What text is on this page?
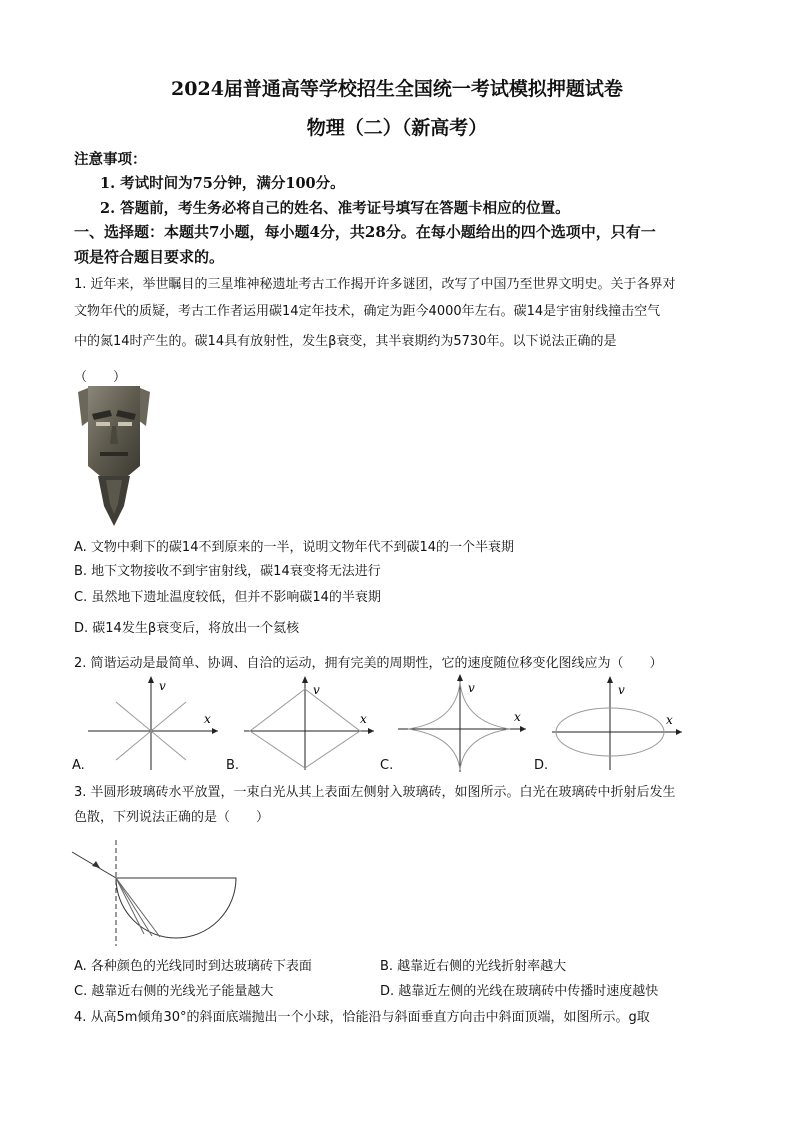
2024届普通高等学校招生全国统一考试模拟押题试卷
物理（二）（新高考）
注意事项：
1. 考试时间为75分钟，满分100分。
2. 答题前，考生务必将自己的姓名、准考证号填写在答题卡相应的位置。
一、选择题：本题共7小题，每小题4分，共28分。在每小题给出的四个选项中，只有一
项是符合题目要求的。
1. 近年来，举世瞩目的三星堆神秘遗址考古工作揭开许多谜团，改写了中国乃至世界文明史。关于各界对
文物年代的质疑，考古工作者运用碳14定年技术，确定为距今4000年左右。碳14是宇宙射线撞击空气
中的氮14时产生的。碳14具有放射性，发生β衰变，其半衰期约为5730年。以下说法正确的是
（　　）
A. 文物中剩下的碳14不到原来的一半，说明文物年代不到碳14的一个半衰期
B. 地下文物接收不到宇宙射线，碳14衰变将无法进行
C. 虽然地下遗址温度较低，但并不影响碳14的半衰期
D. 碳14发生β衰变后，将放出一个氦核
2. 简谐运动是最简单、协调、自洽的运动，拥有完美的周期性，它的速度随位移变化图线应为（　　）
v
x
A.
v
x
B.
v
x
C.
v
x
D.
3. 半圆形玻璃砖水平放置，一束白光从其上表面左侧射入玻璃砖，如图所示。白光在玻璃砖中折射后发生
色散，下列说法正确的是（　　）
A. 各种颜色的光线同时到达玻璃砖下表面	B. 越靠近右侧的光线折射率越大
C. 越靠近右侧的光线光子能量越大	D. 越靠近左侧的光线在玻璃砖中传播时速度越快
4. 从高5m倾角30°的斜面底端抛出一个小球，恰能沿与斜面垂直方向击中斜面顶端，如图所示。g取
